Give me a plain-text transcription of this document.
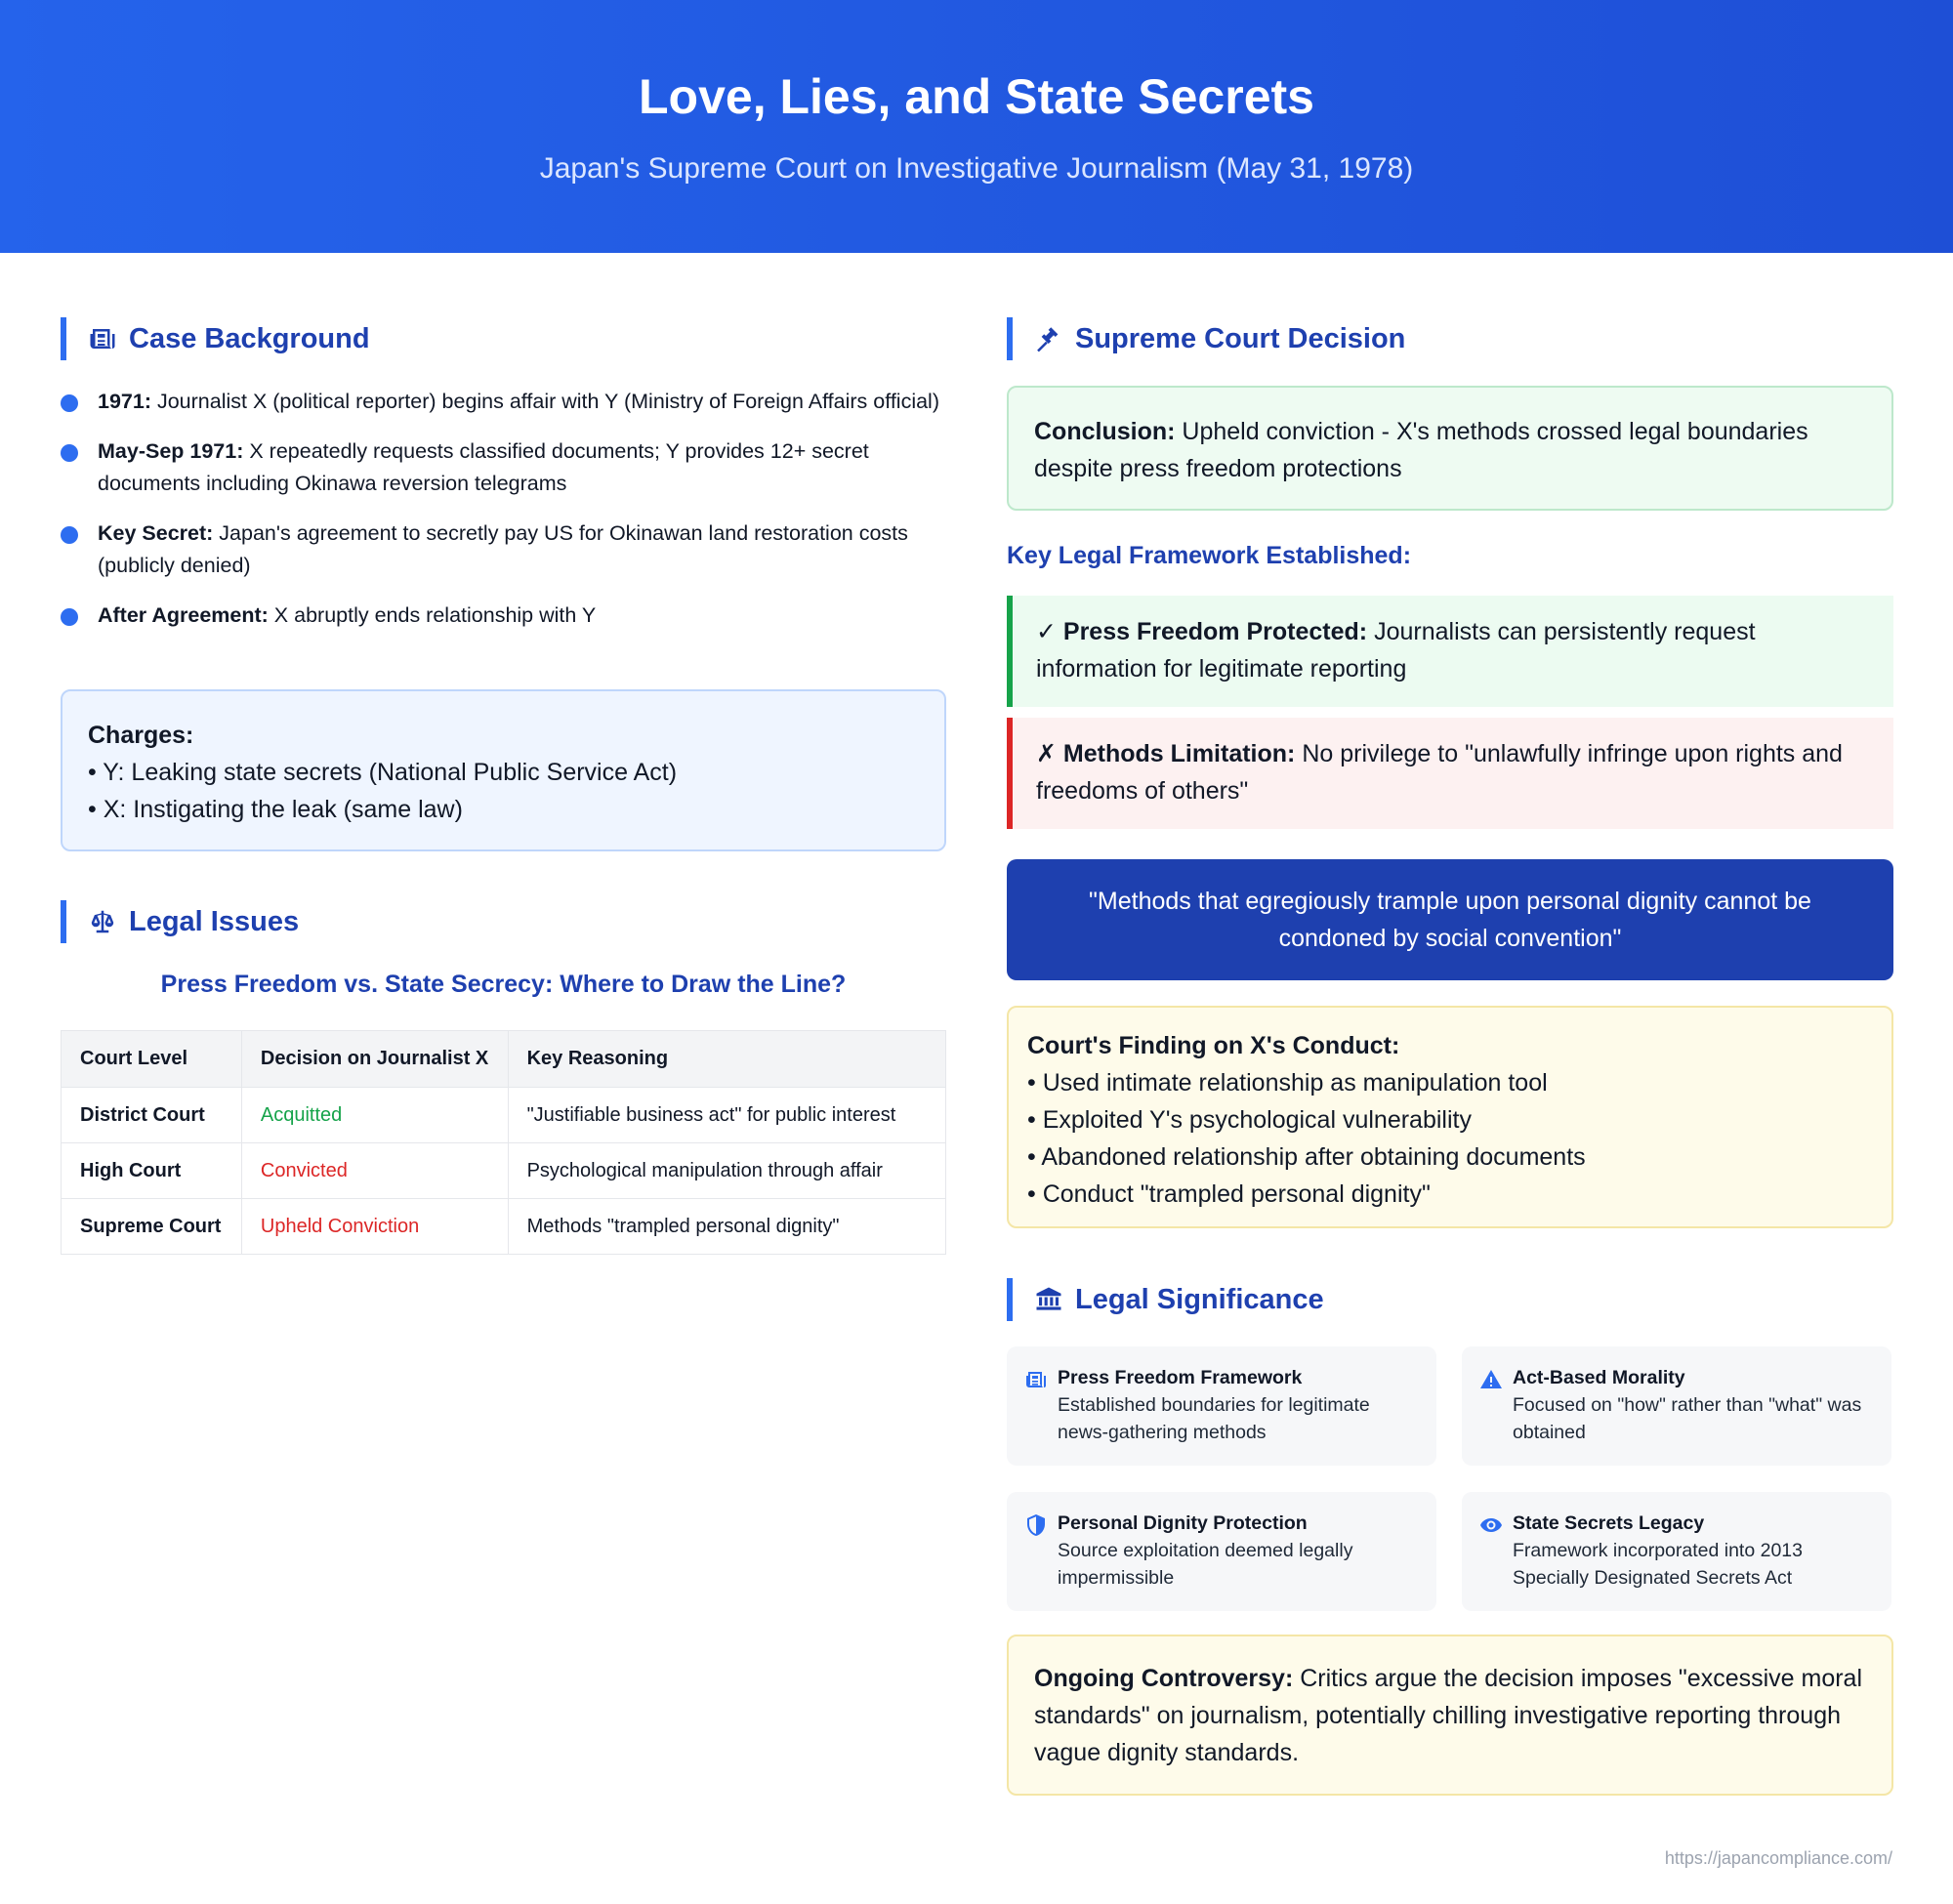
Love, Lies, and State Secrets
Japan's Supreme Court on Investigative Journalism (May 31, 1978)
Case Background
1971: Journalist X (political reporter) begins affair with Y (Ministry of Foreign Affairs official)
May-Sep 1971: X repeatedly requests classified documents; Y provides 12+ secret documents including Okinawa reversion telegrams
Key Secret: Japan's agreement to secretly pay US for Okinawan land restoration costs (publicly denied)
After Agreement: X abruptly ends relationship with Y
Charges:
• Y: Leaking state secrets (National Public Service Act)
• X: Instigating the leak (same law)
Legal Issues
Press Freedom vs. State Secrecy: Where to Draw the Line?
Court Level	Decision on Journalist X	Key Reasoning
District Court	Acquitted	"Justifiable business act" for public interest
High Court	Convicted	Psychological manipulation through affair
Supreme Court	Upheld Conviction	Methods "trampled personal dignity"
Supreme Court Decision
Conclusion: Upheld conviction - X's methods crossed legal boundaries despite press freedom protections
Key Legal Framework Established:
✓ Press Freedom Protected: Journalists can persistently request information for legitimate reporting
✗ Methods Limitation: No privilege to "unlawfully infringe upon rights and freedoms of others"
"Methods that egregiously trample upon personal dignity cannot be condoned by social convention"
Court's Finding on X's Conduct:
• Used intimate relationship as manipulation tool
• Exploited Y's psychological vulnerability
• Abandoned relationship after obtaining documents
• Conduct "trampled personal dignity"
Legal Significance
Press Freedom Framework
Established boundaries for legitimate news-gathering methods
Act-Based Morality
Focused on "how" rather than "what" was obtained
Personal Dignity Protection
Source exploitation deemed legally impermissible
State Secrets Legacy
Framework incorporated into 2013 Specially Designated Secrets Act
Ongoing Controversy: Critics argue the decision imposes "excessive moral standards" on journalism, potentially chilling investigative reporting through vague dignity standards.
https://japancompliance.com/
